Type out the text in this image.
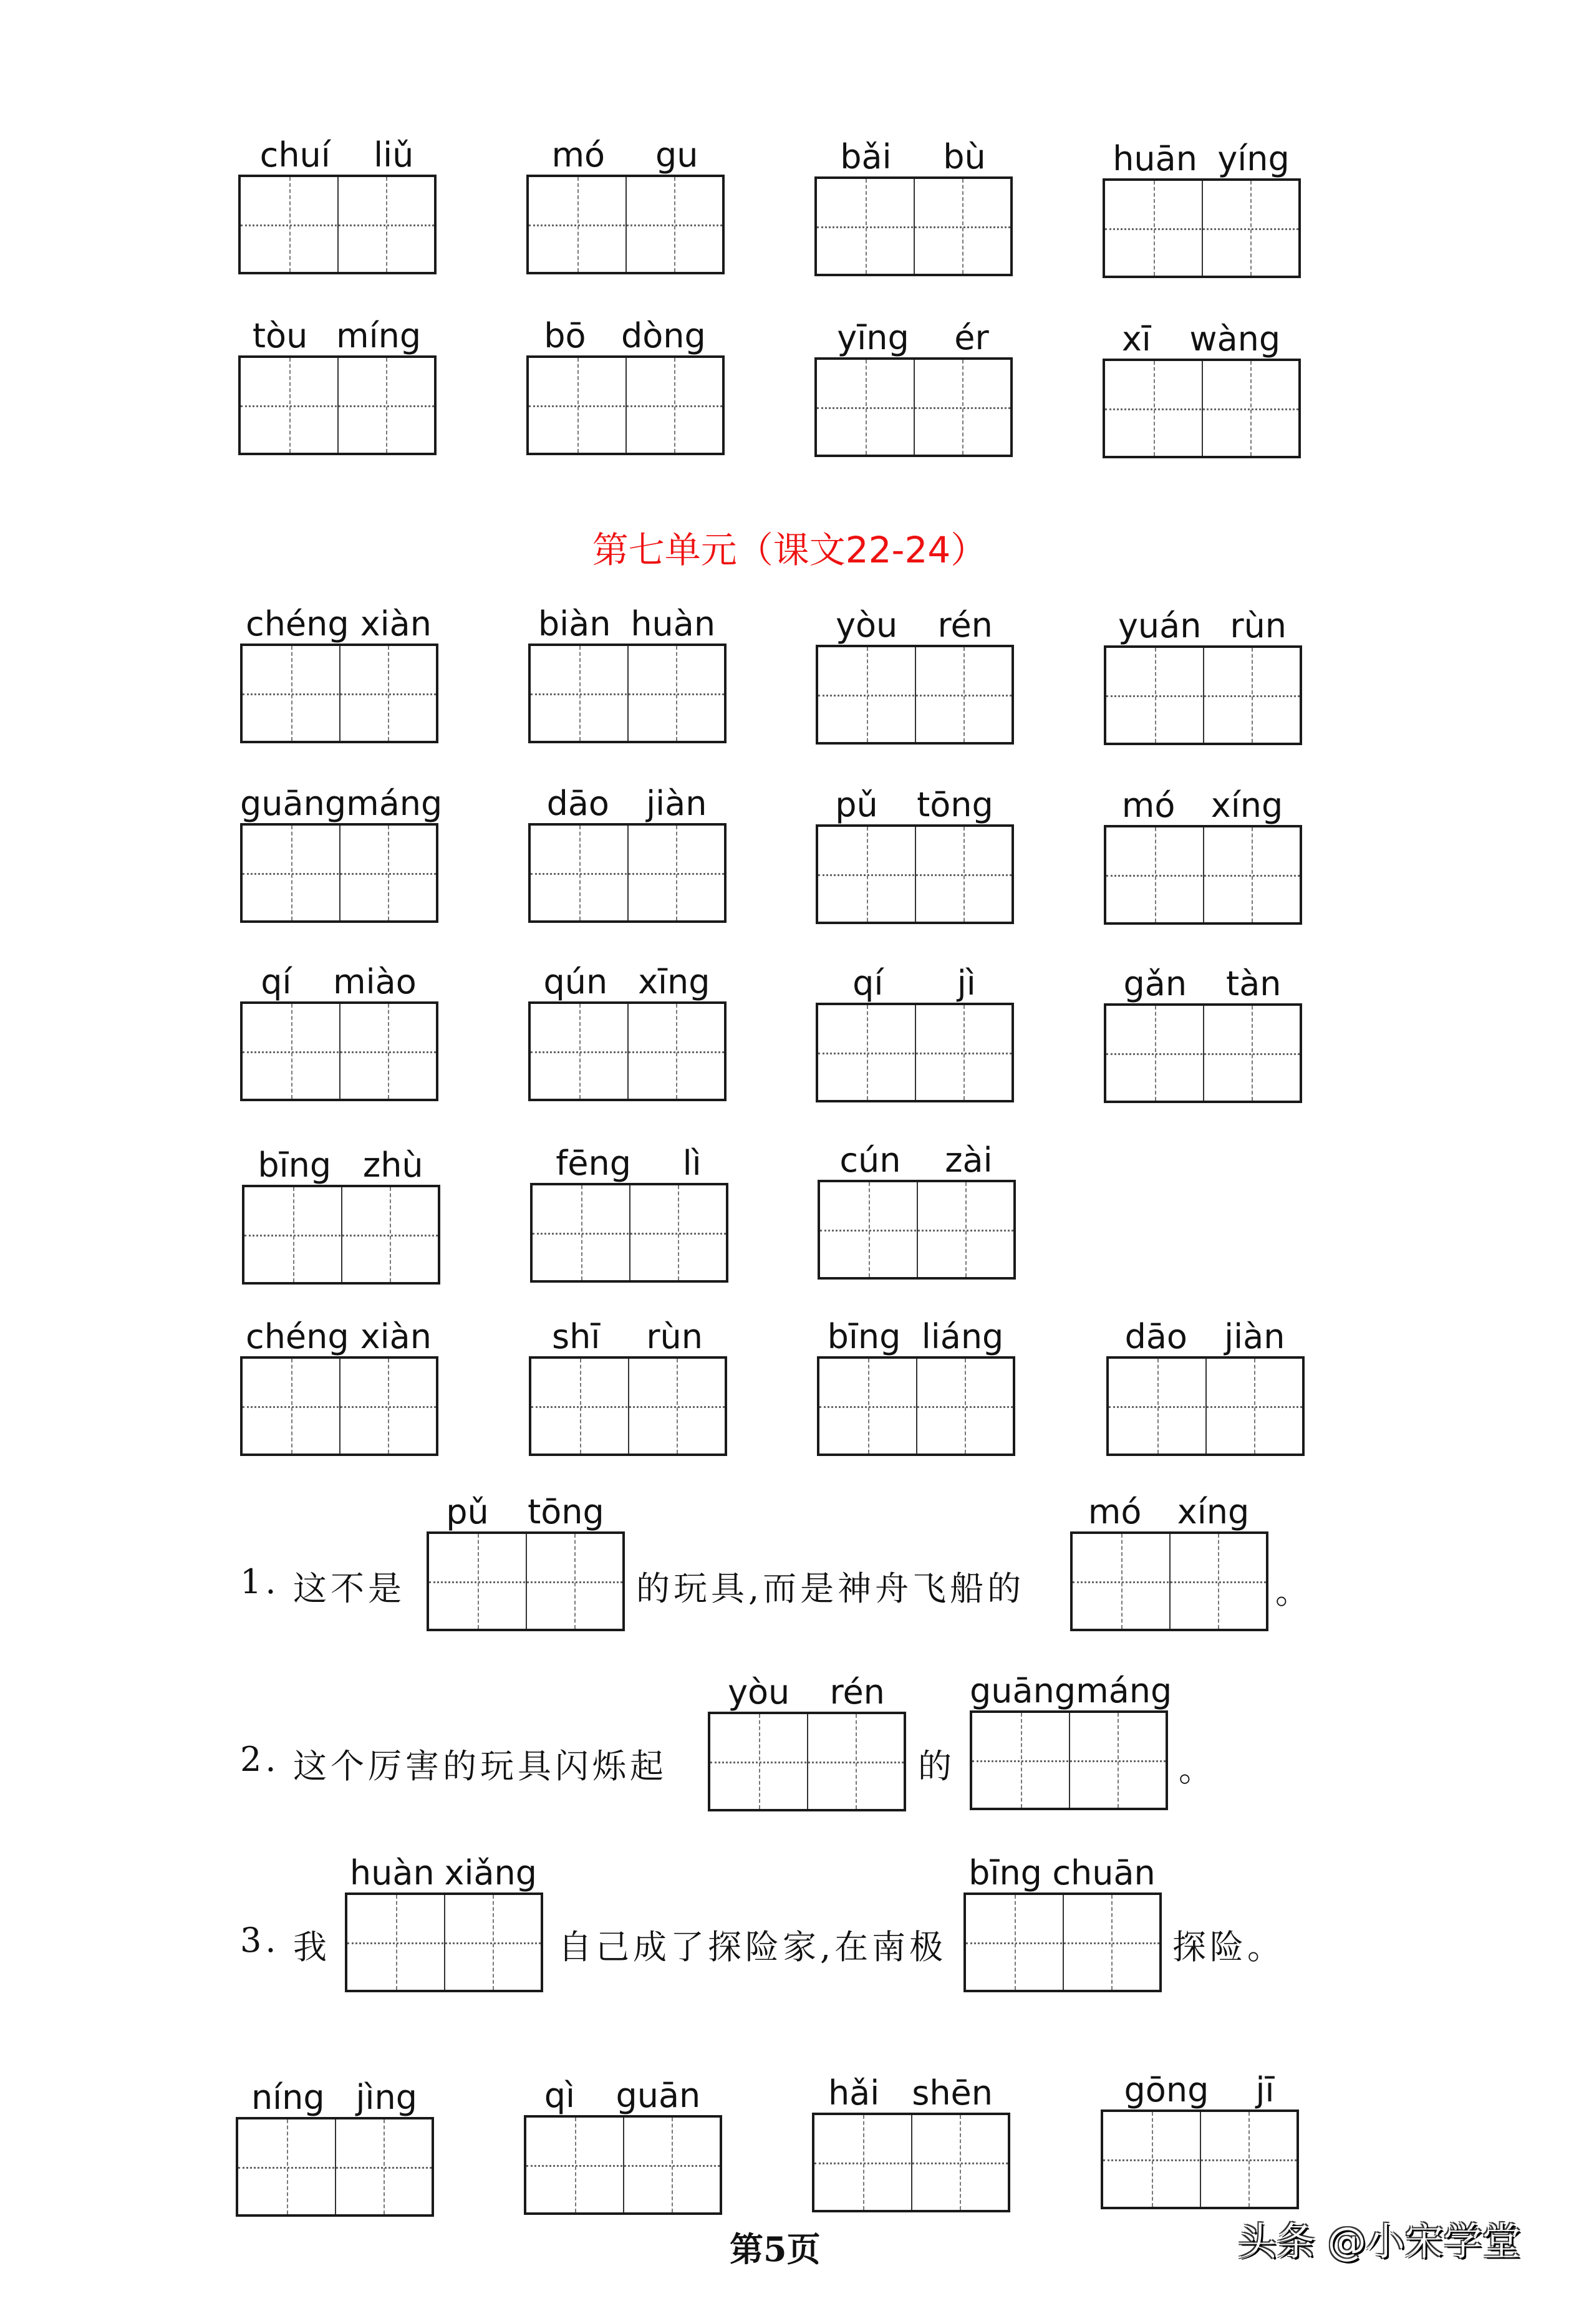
chuí liǔ	mó gu	bǎi bù	huān yíng
tòu míng	bō dòng	yīng ér	xī wàng
第七单元（课文22-24）
chéng xiàn	biàn huàn	yòu rén	yuán rùn
guāng máng	dāo jiàn	pǔ tōng	mó xíng
qí miào	qún xīng	qí jì	gǎn tàn
bīng zhù	fēng lì	cún zài
chéng xiàn	shī rùn	bīng liáng	dāo jiàn
1. 这不是
pǔ tōng
的玩具,而是神舟飞船的
mó xíng
。
2. 这个厉害的玩具闪烁起
yòu rén
的
guāng máng
。
3. 我
huàn xiǎng
自己成了探险家,在南极
bīng chuān
探险。
níng jìng	qì guān	hǎi shēn	gōng jī
第5页	头条 @小宋学堂
